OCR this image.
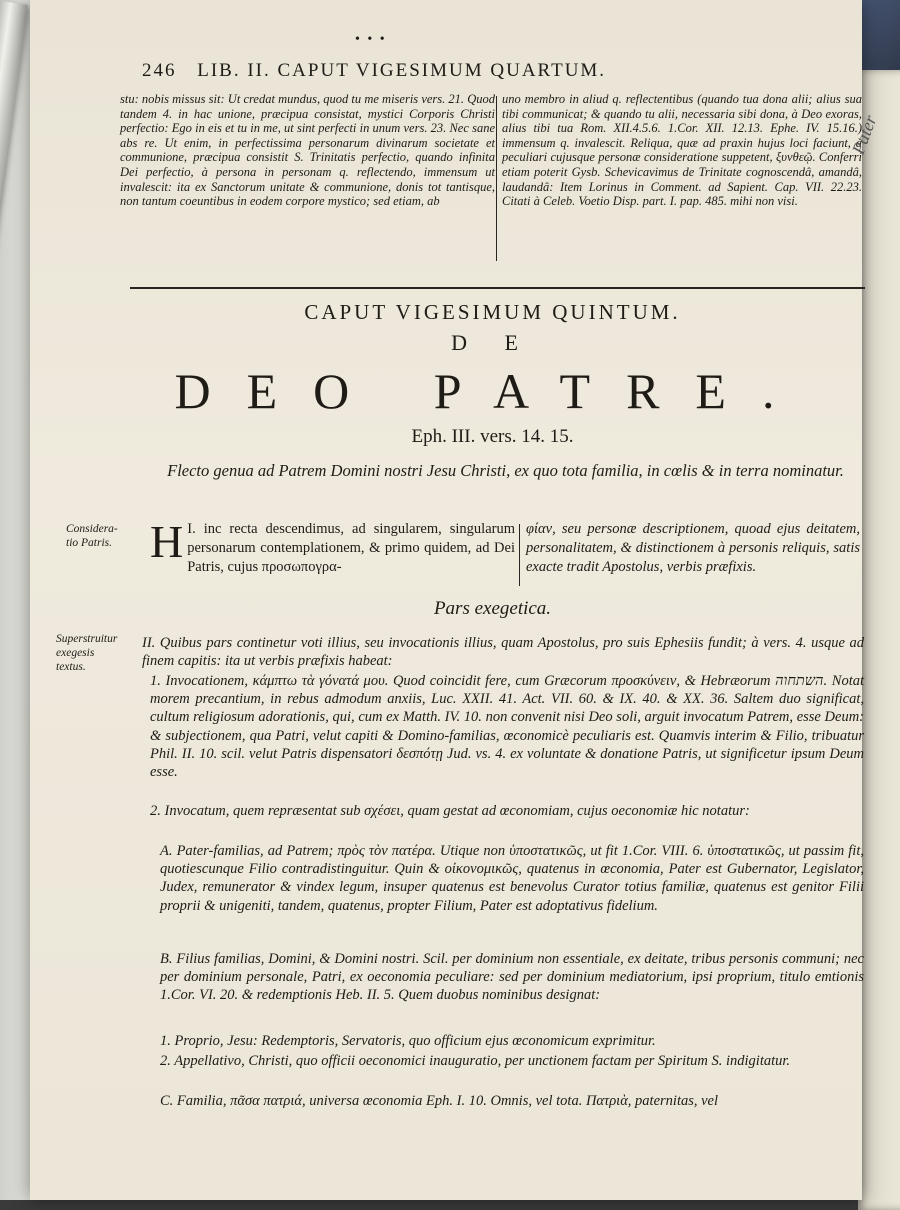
• • •
246 LIB. II. CAPUT VIGESIMUM QUARTUM.
stu: nobis missus sit: Ut credat mundus, quod tu me miseris vers. 21. Quod tandem 4. in hac unione, præcipua consistat, mystici Corporis Christi perfectio: Ego in eis et tu in me, ut sint perfecti in unum vers. 23. Nec sane abs re. Ut enim, in perfectissima personarum divinarum societate et communione, præcipua consistit S. Trinitatis perfectio, quando infinita Dei perfectio, à persona in personam q. reflectendo, immensum ut invalescit: ita ex Sanctorum unitate & communione, donis tot tantisque, non tantum coeuntibus in eodem corpore mystico; sed etiam, ab
uno membro in aliud q. reflectentibus (quando tua dona alii; alius sua tibi communicat; & quando tu alii, necessaria sibi dona, à Deo exoras, alius tibi tua Rom. XII.4.5.6. 1.Cor. XII. 12.13. Ephe. IV. 15.16.) immensum q. invalescit. Reliqua, quæ ad praxin hujus loci faciunt, à peculiari cujusque personæ consideratione suppetent, ξυνθεῷ. Conferri etiam poterit Gysb. Schevicavimus de Trinitate cognoscendâ, amandâ, laudandâ: Item Lorinus in Comment. ad Sapient. Cap. VII. 22.23. Citati à Celeb. Voetio Disp. part. I. pap. 485. mihi non visi.
CAPUT VIGESIMUM QUINTUM.
D E
DEO PATRE.
Eph. III. vers. 14. 15.
Flecto genua ad Patrem Domini nostri Jesu Christi, ex quo tota familia, in cœlis & in terra nominatur.
Consideratio Patris.
I.
H inc recta descendimus, ad singularem, singularum personarum contemplationem, & primo quidem, ad Dei Patris, cujus προσωπογρα-
φίαν, seu personæ descriptionem, quoad ejus deitatem, personalitatem, & distinctionem à personis reliquis, satis exacte tradit Apostolus, verbis præfixis.
Pars exegetica.
Superstruitur exegesis textus.
II. Quibus pars continetur voti illius, seu invocationis illius, quam Apostolus, pro suis Ephesiis fundit; à vers. 4. usque ad finem capitis: ita ut verbis præfixis habeat:
1. Invocationem, κάμπτω τὰ γόνατά μου. Quod coincidit fere, cum Græcorum προσκύνειν, & Hebræorum השתחוה. Notat morem precantium, in rebus admodum anxiis, Luc. XXII. 41. Act. VII. 60. & IX. 40. & XX. 36. Saltem duo significat, cultum religiosum adorationis, qui, cum ex Matth. IV. 10. non convenit nisi Deo soli, arguit invocatum Patrem, esse Deum: & subjectionem, qua Patri, velut capiti & Domino-familias, œconomicè peculiaris est. Quamvis interim & Filio, tribuatur Phil. II. 10. scil. velut Patris dispensatori δεσπότῃ Jud. vs. 4. ex voluntate & donatione Patris, ut significetur ipsum Deum esse.
2. Invocatum, quem repræsentat sub σχέσει, quam gestat ad œconomiam, cujus oeconomiæ hic notatur:
A. Pater-familias, ad Patrem; πρὸς τὸν πατέρα. Utique non ὑποστατικῶς, ut fit 1.Cor. VIII. 6. ὑποστατικῶς, ut passim fit, quotiescunque Filio contradistinguitur. Quin & οἰκονομικῶς, quatenus in œconomia, Pater est Gubernator, Legislator, Judex, remunerator & vindex legum, insuper quatenus est benevolus Curator totius familiæ, quatenus est genitor Filii proprii & unigeniti, tandem, quatenus, propter Filium, Pater est adoptativus fidelium.
B. Filius familias, Domini, & Domini nostri. Scil. per dominium non essentiale, ex deitate, tribus personis communi; nec per dominium personale, Patri, ex oeconomia peculiare: sed per dominium mediatorium, ipsi proprium, titulo emtionis 1.Cor. VI. 20. & redemptionis Heb. II. 5. Quem duobus nominibus designat:
1. Proprio, Jesu: Redemptoris, Servatoris, quo officium ejus œconomicum exprimitur.
2. Appellativo, Christi, quo officii oeconomici inauguratio, per unctionem factam per Spiritum S. indigitatur.
C. Familia, πᾶσα πατριά, universa œconomia Eph. I. 10. Omnis, vel tota. Πατριὰ, paternitas, vel
Pater
